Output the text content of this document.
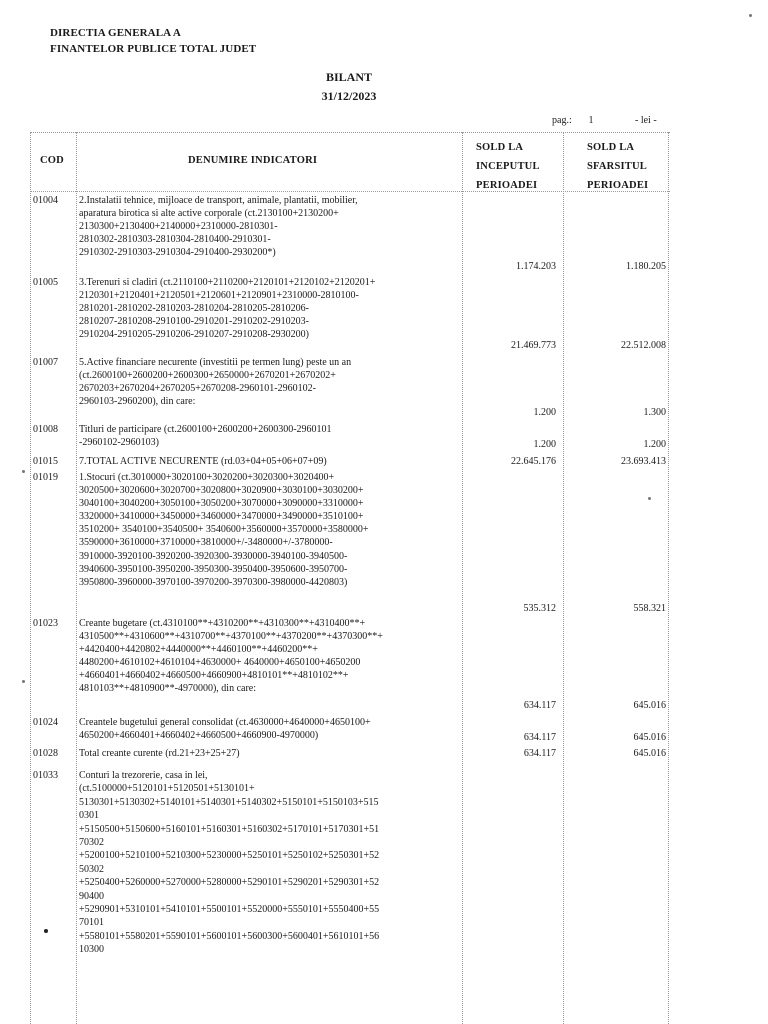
DIRECTIA GENERALA A
FINANTELOR PUBLICE TOTAL JUDET
BILANT
31/12/2023
pag.: 1	- lei -
COD	DENUMIRE INDICATORI
SOLD LA
INCEPUTUL
PERIOADEI
SOLD LA
SFARSITUL
PERIOADEI
01004	2.Instalatii tehnice, mijloace de transport, animale, plantatii, mobilier,
aparatura birotica si alte active corporale (ct.2130100+2130200+
2130300+2130400+2140000+2310000-2810301-
2810302-2810303-2810304-2810400-2910301-
2910302-2910303-2910304-2910400-2930200*)
1.174.203	1.180.205
01005	3.Terenuri si cladiri (ct.2110100+2110200+2120101+2120102+2120201+
2120301+2120401+2120501+2120601+2120901+2310000-2810100-
2810201-2810202-2810203-2810204-2810205-2810206-
2810207-2810208-2910100-2910201-2910202-2910203-
2910204-2910205-2910206-2910207-2910208-2930200)
21.469.773	22.512.008
01007	5.Active financiare necurente (investitii pe termen lung) peste un an
(ct.2600100+2600200+2600300+2650000+2670201+2670202+
2670203+2670204+2670205+2670208-2960101-2960102-
2960103-2960200), din care:
1.200	1.300
01008	Titluri de participare (ct.2600100+2600200+2600300-2960101
-2960102-2960103)	1.200	1.200
01015	7.TOTAL ACTIVE NECURENTE (rd.03+04+05+06+07+09)	22.645.176	23.693.413
01019	1.Stocuri (ct.3010000+3020100+3020200+3020300+3020400+
3020500+3020600+3020700+3020800+3020900+3030100+3030200+
3040100+3040200+3050100+3050200+3070000+3090000+3310000+
3320000+3410000+3450000+3460000+3470000+3490000+3510100+
3510200+ 3540100+3540500+ 3540600+3560000+3570000+3580000+
3590000+3610000+3710000+3810000+/-3480000+/-3780000-
3910000-3920100-3920200-3920300-3930000-3940100-3940500-
3940600-3950100-3950200-3950300-3950400-3950600-3950700-
3950800-3960000-3970100-3970200-3970300-3980000-4420803)
535.312	558.321
01023	Creante bugetare (ct.4310100**+4310200**+4310300**+4310400**+
4310500**+4310600**+4310700**+4370100**+4370200**+4370300**+
+4420400+4420802+4440000**+4460100**+4460200**+
4480200+4610102+4610104+4630000+ 4640000+4650100+4650200
+4660401+4660402+4660500+4660900+4810101**+4810102**+
4810103**+4810900**-4970000), din care:
634.117	645.016
01024	Creantele bugetului general consolidat (ct.4630000+4640000+4650100+
4650200+4660401+4660402+4660500+4660900-4970000)	634.117	645.016
01028	Total creante curente (rd.21+23+25+27)	634.117	645.016
01033	Conturi la trezorerie, casa in lei,
(ct.5100000+5120101+5120501+5130101+
5130301+5130302+5140101+5140301+5140302+5150101+5150103+515
0301
+5150500+5150600+5160101+5160301+5160302+5170101+5170301+51
70302
+5200100+5210100+5210300+5230000+5250101+5250102+5250301+52
50302
+5250400+5260000+5270000+5280000+5290101+5290201+5290301+52
90400
+5290901+5310101+5410101+5500101+5520000+5550101+5550400+55
70101
+5580101+5580201+5590101+5600101+5600300+5600401+5610101+56
10300
